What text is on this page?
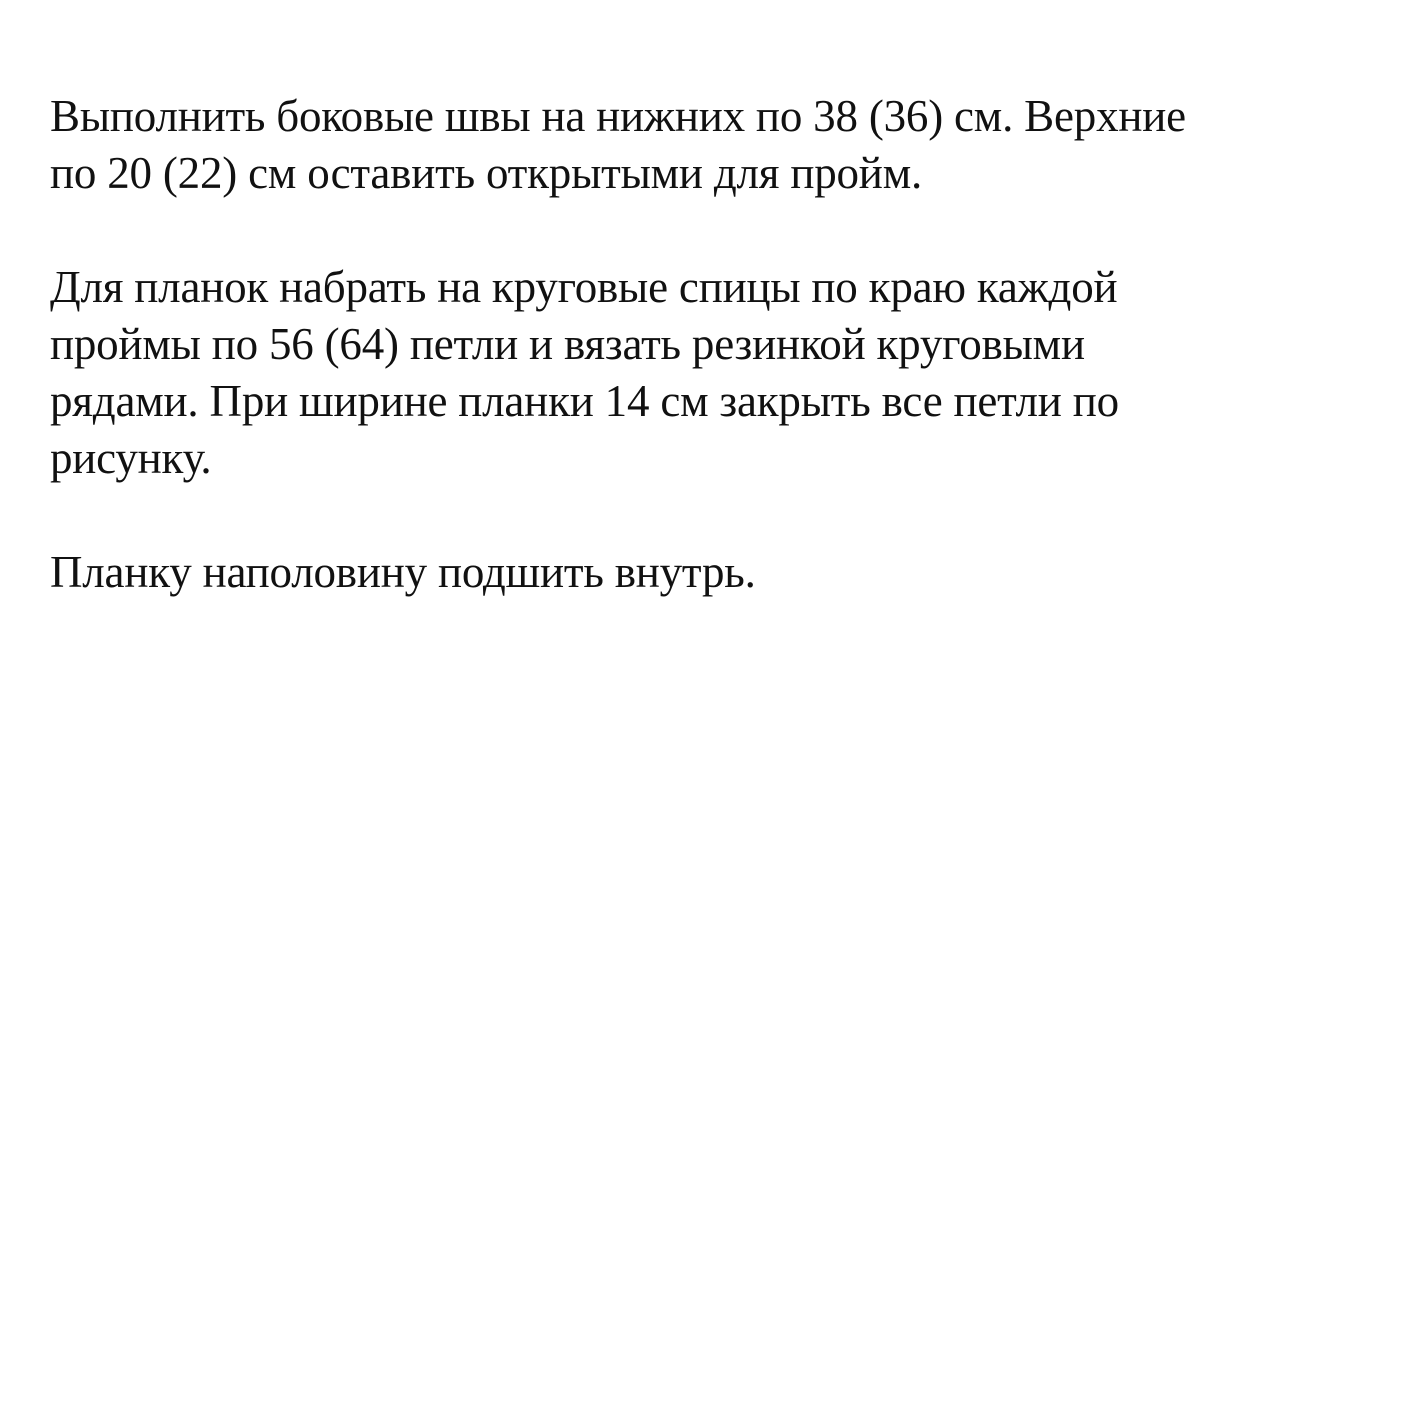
Выполнить боковые швы на нижних по 38 (36) см. Верхние
по 20 (22) см оставить открытыми для пройм.

Для планок набрать на круговые спицы по краю каждой
проймы по 56 (64) петли и вязать резинкой круговыми
рядами. При ширине планки 14 см закрыть все петли по
рисунку.

Планку наполовину подшить внутрь.
